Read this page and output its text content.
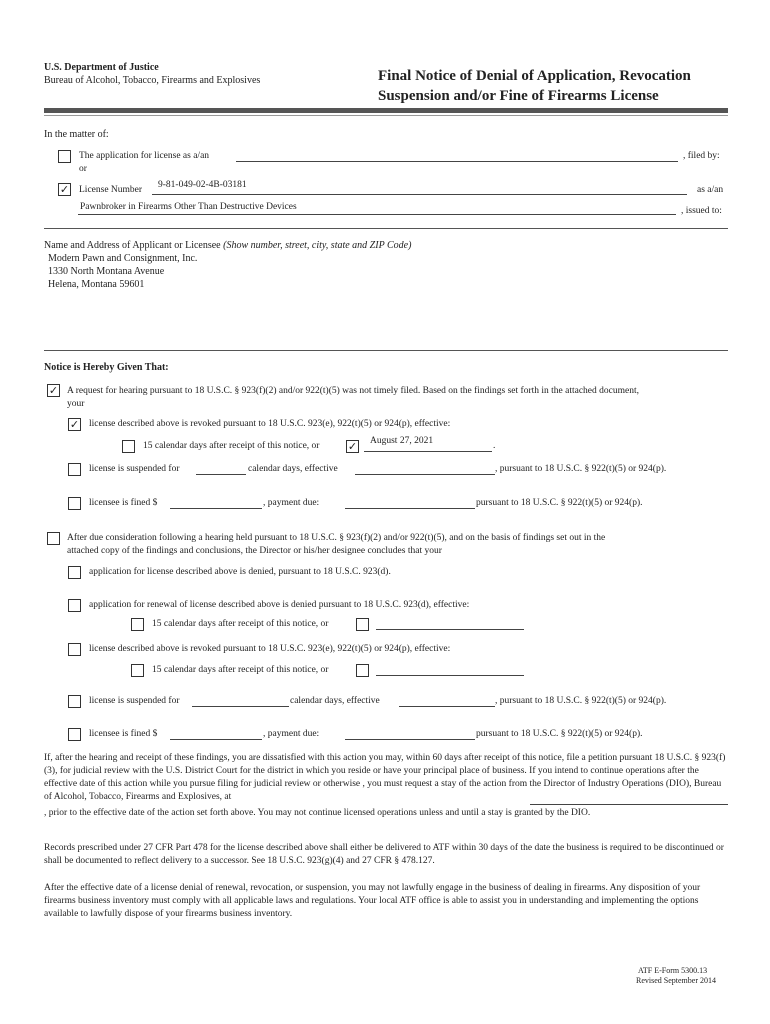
U.S. Department of Justice
Bureau of Alcohol, Tobacco, Firearms and Explosives	Final Notice of Denial of Application, Revocation
Suspension and/or Fine of Firearms License
In the matter of:
The application for license as a/an	, filed by:
or
✓ License Number 9-81-049-02-4B-03181	as a/an
Pawnbroker in Firearms Other Than Destructive Devices	, issued to:
Name and Address of Applicant or Licensee (Show number, street, city, state and ZIP Code)
Modern Pawn and Consignment, Inc.
1330 North Montana Avenue
Helena, Montana 59601
Notice is Hereby Given That:
✓ A request for hearing pursuant to 18 U.S.C. § 923(f)(2) and/or 922(t)(5) was not timely filed. Based on the findings set forth in the attached document,
your
✓ license described above is revoked pursuant to 18 U.S.C. 923(e), 922(t)(5) or 924(p), effective:
15 calendar days after receipt of this notice, or	✓ August 27, 2021	.
license is suspended for	calendar days, effective	, pursuant to 18 U.S.C. § 922(t)(5) or 924(p).
licensee is fined $	, payment due:	pursuant to 18 U.S.C. § 922(t)(5) or 924(p).
After due consideration following a hearing held pursuant to 18 U.S.C. § 923(f)(2) and/or 922(t)(5), and on the basis of findings set out in the
attached copy of the findings and conclusions, the Director or his/her designee concludes that your
application for license described above is denied, pursuant to 18 U.S.C. 923(d).
application for renewal of license described above is denied pursuant to 18 U.S.C. 923(d), effective:
15 calendar days after receipt of this notice, or
license described above is revoked pursuant to 18 U.S.C. 923(e), 922(t)(5) or 924(p), effective:
15 calendar days after receipt of this notice, or
license is suspended for	calendar days, effective	, pursuant to 18 U.S.C. § 922(t)(5) or 924(p).
licensee is fined $	, payment due:	pursuant to 18 U.S.C. § 922(t)(5) or 924(p).
If, after the hearing and receipt of these findings, you are dissatisfied with this action you may, within 60 days after receipt of this notice, file a petition pursuant 18 U.S.C. § 923(f)(3), for judicial review with the U.S. District Court for the district in which you reside or have your principal place of business. If you intend to continue operations after the effective date of this action while you pursue filing for judicial review or otherwise , you must request a stay of the action from the Director of Industry Operations (DIO), Bureau of Alcohol, Tobacco, Firearms and Explosives, at
, prior to the effective date of the action set forth above. You may not continue licensed operations unless and until a stay is granted by the DIO.
Records prescribed under 27 CFR Part 478 for the license described above shall either be delivered to ATF within 30 days of the date the business is required to be discontinued or shall be documented to reflect delivery to a successor. See 18 U.S.C. 923(g)(4) and 27 CFR § 478.127.
After the effective date of a license denial of renewal, revocation, or suspension, you may not lawfully engage in the business of dealing in firearms. Any disposition of your firearms business inventory must comply with all applicable laws and regulations. Your local ATF office is able to assist you in understanding and implementing the options available to lawfully dispose of your firearms business inventory.
ATF E-Form 5300.13
Revised September 2014
